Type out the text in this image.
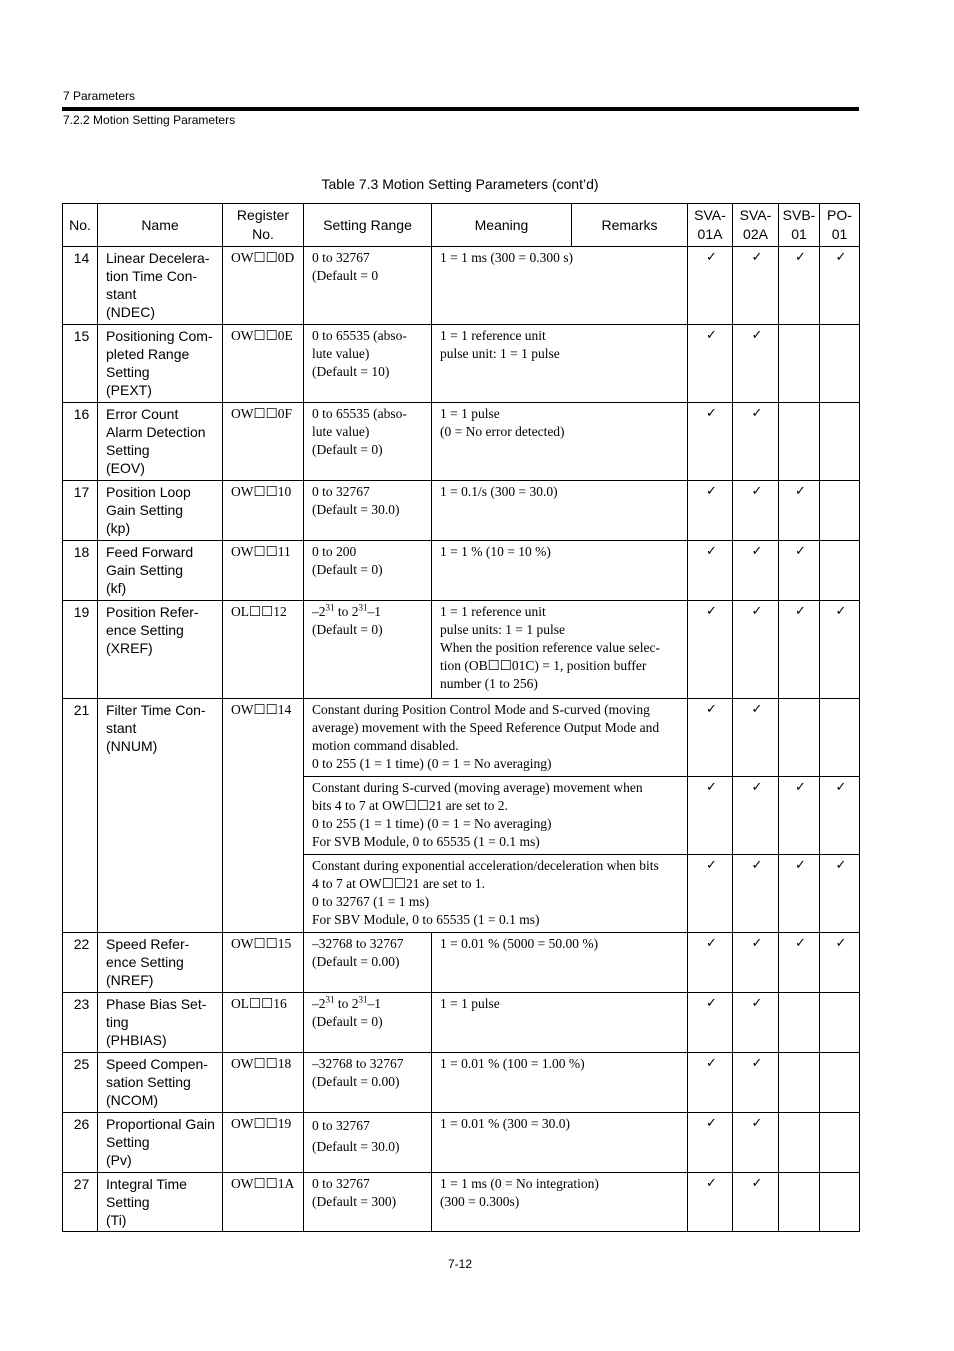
7 Parameters
7.2.2 Motion Setting Parameters
Table 7.3 Motion Setting Parameters (cont’d)
No.	Name	Register No.	Setting Range	Meaning	Remarks	SVA-01A	SVA-02A	SVB-01	PO-01
14	Linear Decelera-
tion Time Con-
stant
(NDEC)	OW☐☐0D	0 to 32767
(Default = 0	1 = 1 ms (300 = 0.300 s)		✓	✓	✓	✓
15	Positioning Com-
pleted Range
Setting
(PEXT)	OW☐☐0E	0 to 65535 (abso-
lute value)
(Default = 10)	1 = 1 reference unit
pulse unit: 1 = 1 pulse		✓	✓		
16	Error Count
Alarm Detection
Setting
(EOV)	OW☐☐0F	0 to 65535 (abso-
lute value)
(Default = 0)	1 = 1 pulse
(0 = No error detected)		✓	✓		
17	Position Loop
Gain Setting
(kp)	OW☐☐10	0 to 32767
(Default = 30.0)	1 = 0.1/s (300 = 30.0)		✓	✓	✓	
18	Feed Forward
Gain Setting
(kf)	OW☐☐11	0 to 200
(Default = 0)	1 = 1 % (10 = 10 %)		✓	✓	✓	
19	Position Refer-
ence Setting
(XREF)	OL☐☐12	$-2^{31}$ to $2^{31}-1$
(Default = 0)	1 = 1 reference unit
pulse units: 1 = 1 pulse
When the position reference value selec-
tion (OB☐☐01C) = 1, position buffer
number (1 to 256)		✓	✓	✓	✓
21	Filter Time Con-
stant
(NNUM)	OW☐☐14	Constant during Position Control Mode and S-curved (moving
average) movement with the Speed Reference Output Mode and
motion command disabled.
0 to 255 (1 = 1 time) (0 = 1 = No averaging)			✓	✓		
			Constant during S-curved (moving average) movement when
bits 4 to 7 at OW☐☐21 are set to 2.
0 to 255 (1 = 1 time) (0 = 1 = No averaging)
For SVB Module, 0 to 65535 (1 = 0.1 ms)			✓	✓	✓	✓
			Constant during exponential acceleration/deceleration when bits
4 to 7 at OW☐☐21 are set to 1.
0 to 32767 (1 = 1 ms)
For SBV Module, 0 to 65535 (1 = 0.1 ms)			✓	✓	✓	✓
22	Speed Refer-
ence Setting
(NREF)	OW☐☐15	–32768 to 32767
(Default = 0.00)	1 = 0.01 % (5000 = 50.00 %)		✓	✓	✓	✓
23	Phase Bias Set-
ting
(PHBIAS)	OL☐☐16	$-2^{31}$ to $2^{31}-1$
(Default = 0)	1 = 1 pulse		✓	✓		
25	Speed Compen-
sation Setting
(NCOM)	OW☐☐18	–32768 to 32767
(Default = 0.00)	1 = 0.01 % (100 = 1.00 %)		✓	✓		
26	Proportional Gain
Setting
(Pv)	OW☐☐19	0 to 32767
(Default = 30.0)	1 = 0.01 % (300 = 30.0)		✓	✓		
27	Integral Time
Setting
(Ti)	OW☐☐1A	0 to 32767
(Default = 300)	1 = 1 ms (0 = No integration)
(300 = 0.300s)		✓	✓		
7-12
